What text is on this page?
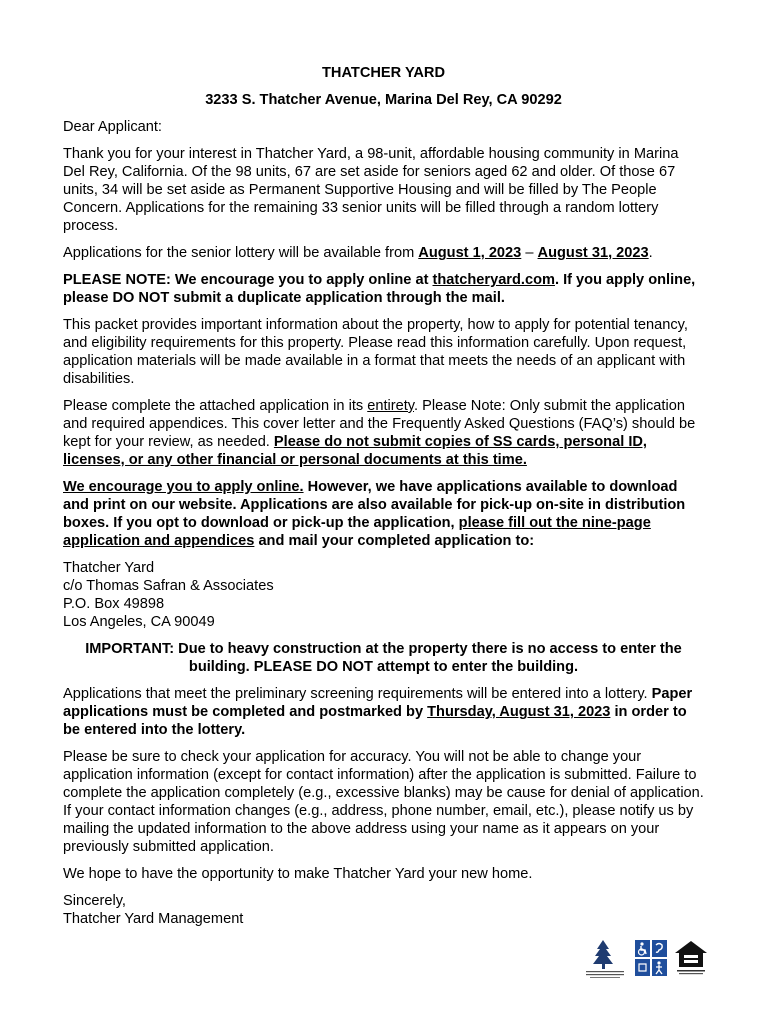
THATCHER YARD

3233 S. Thatcher Avenue, Marina Del Rey, CA 90292

Dear Applicant:

Thank you for your interest in Thatcher Yard, a 98-unit, affordable housing community in Marina Del Rey, California. Of the 98 units, 67 are set aside for seniors aged 62 and older. Of those 67 units, 34 will be set aside as Permanent Supportive Housing and will be filled by The People Concern. Applications for the remaining 33 senior units will be filled through a random lottery process.

Applications for the senior lottery will be available from August 1, 2023 – August 31, 2023.

PLEASE NOTE: We encourage you to apply online at thatcheryard.com. If you apply online, please DO NOT submit a duplicate application through the mail.

This packet provides important information about the property, how to apply for potential tenancy, and eligibility requirements for this property. Please read this information carefully. Upon request, application materials will be made available in a format that meets the needs of an applicant with disabilities.

Please complete the attached application in its entirety. Please Note: Only submit the application and required appendices. This cover letter and the Frequently Asked Questions (FAQ’s) should be kept for your review, as needed. Please do not submit copies of SS cards, personal ID, licenses, or any other financial or personal documents at this time.

We encourage you to apply online. However, we have applications available to download and print on our website. Applications are also available for pick-up on-site in distribution boxes. If you opt to download or pick-up the application, please fill out the nine-page application and appendices and mail your completed application to:

Thatcher Yard
c/o Thomas Safran & Associates
P.O. Box 49898
Los Angeles, CA 90049

IMPORTANT: Due to heavy construction at the property there is no access to enter the building. PLEASE DO NOT attempt to enter the building.

Applications that meet the preliminary screening requirements will be entered into a lottery. Paper applications must be completed and postmarked by Thursday, August 31, 2023 in order to be entered into the lottery.

Please be sure to check your application for accuracy. You will not be able to change your application information (except for contact information) after the application is submitted. Failure to complete the application completely (e.g., excessive blanks) may be cause for denial of application. If your contact information changes (e.g., address, phone number, email, etc.), please notify us by mailing the updated information to the above address using your name as it appears on your previously submitted application.

We hope to have the opportunity to make Thatcher Yard your new home.

Sincerely,
Thatcher Yard Management
